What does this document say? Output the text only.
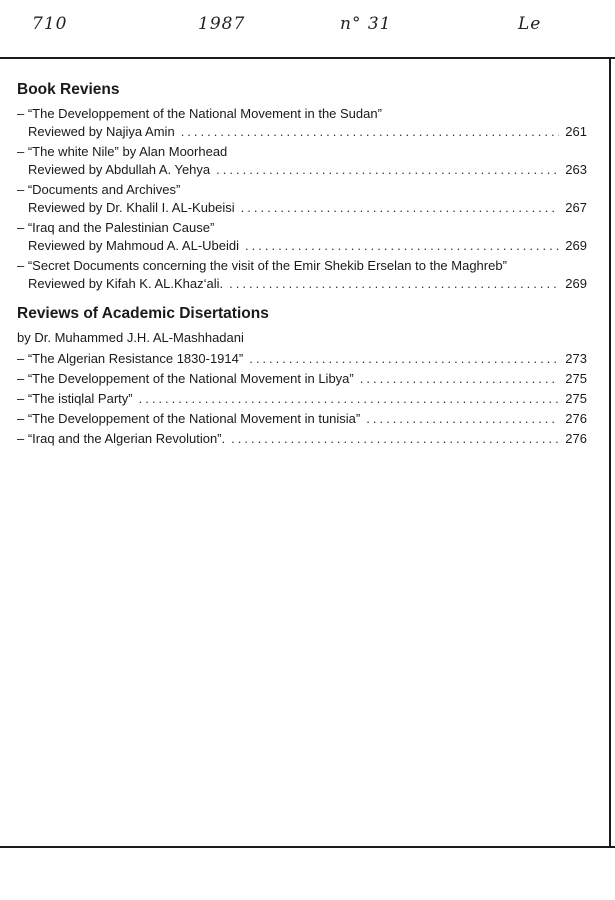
710	1987	n° 31	Le
Book Reviens
– “The Developpement of the National Movement in the Sudan”
Reviewed by Najiya Amin .....	261
– “The white Nile” by Alan Moorhead
Reviewed by Abdullah A. Yehya .....	263
– “Documents and Archives”
Reviewed by Dr. Khalil I. AL-Kubeisi .....	267
– “Iraq and the Palestinian Cause”
Reviewed by Mahmoud A. AL-Ubeidi .....	269
– “Secret Documents concerning the visit of the Emir Shekib Erselan to the Maghreb”
Reviewed by Kifah K. AL.Khaz‘ali. .....	269
Reviews of Academic Disertations
by Dr. Muhammed J.H. AL-Mashhadani
– “The Algerian Resistance 1830-1914” .....	273
– “The Developpement of the National Movement in Libya” .....	275
– “The istiqlal Party” .....	275
– “The Developpement of the National Movement in tunisia” .....	276
– “Iraq and the Algerian Revolution”. .....	276
